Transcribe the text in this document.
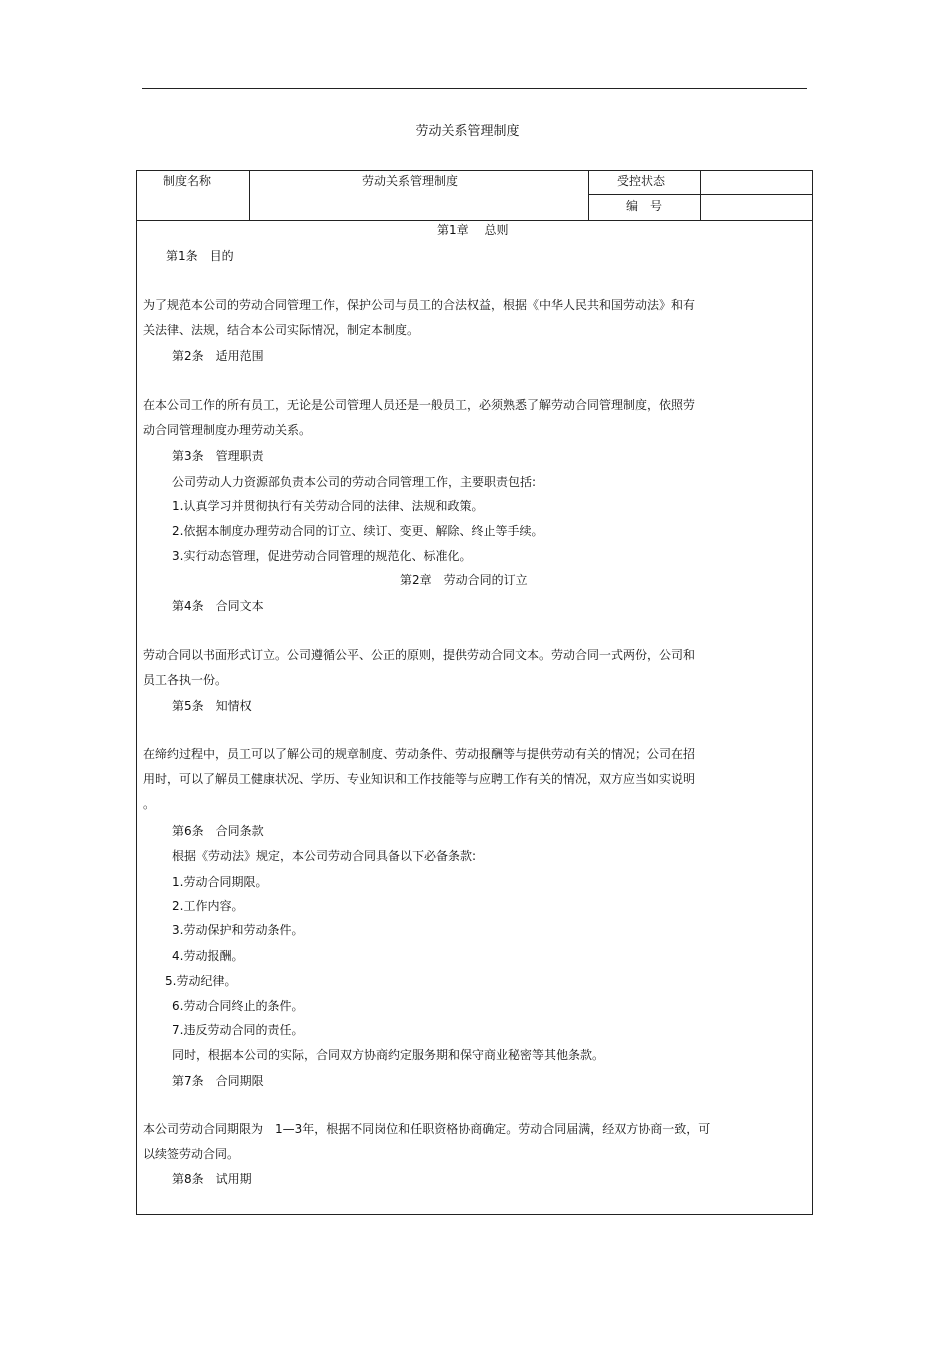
劳动关系管理制度
制度名称	劳动关系管理制度	受控状态
编　号
第1章　 总则
第1条　目的
为了规范本公司的劳动合同管理工作，保护公司与员工的合法权益，根据《中华人民共和国劳动法》和有
关法律、法规，结合本公司实际情况，制定本制度。
第2条　适用范围
在本公司工作的所有员工，无论是公司管理人员还是一般员工，必须熟悉了解劳动合同管理制度，依照劳
动合同管理制度办理劳动关系。
第3条　管理职责
公司劳动人力资源部负责本公司的劳动合同管理工作，主要职责包括:
1.认真学习并贯彻执行有关劳动合同的法律、法规和政策。
2.依据本制度办理劳动合同的订立、续订、变更、解除、终止等手续。
3.实行动态管理，促进劳动合同管理的规范化、标准化。
第2章　劳动合同的订立
第4条　合同文本
劳动合同以书面形式订立。公司遵循公平、公正的原则，提供劳动合同文本。劳动合同一式两份，公司和
员工各执一份。
第5条　知情权
在缔约过程中，员工可以了解公司的规章制度、劳动条件、劳动报酬等与提供劳动有关的情况；公司在招
用时，可以了解员工健康状况、学历、专业知识和工作技能等与应聘工作有关的情况，双方应当如实说明
。
第6条　合同条款
根据《劳动法》规定，本公司劳动合同具备以下必备条款:
1.劳动合同期限。
2.工作内容。
3.劳动保护和劳动条件。
4.劳动报酬。
5.劳动纪律。
6.劳动合同终止的条件。
7.违反劳动合同的责任。
同时，根据本公司的实际，合同双方协商约定服务期和保守商业秘密等其他条款。
第7条　合同期限
本公司劳动合同期限为　1—3年，根据不同岗位和任职资格协商确定。劳动合同届满，经双方协商一致，可
以续签劳动合同。
第8条　试用期
